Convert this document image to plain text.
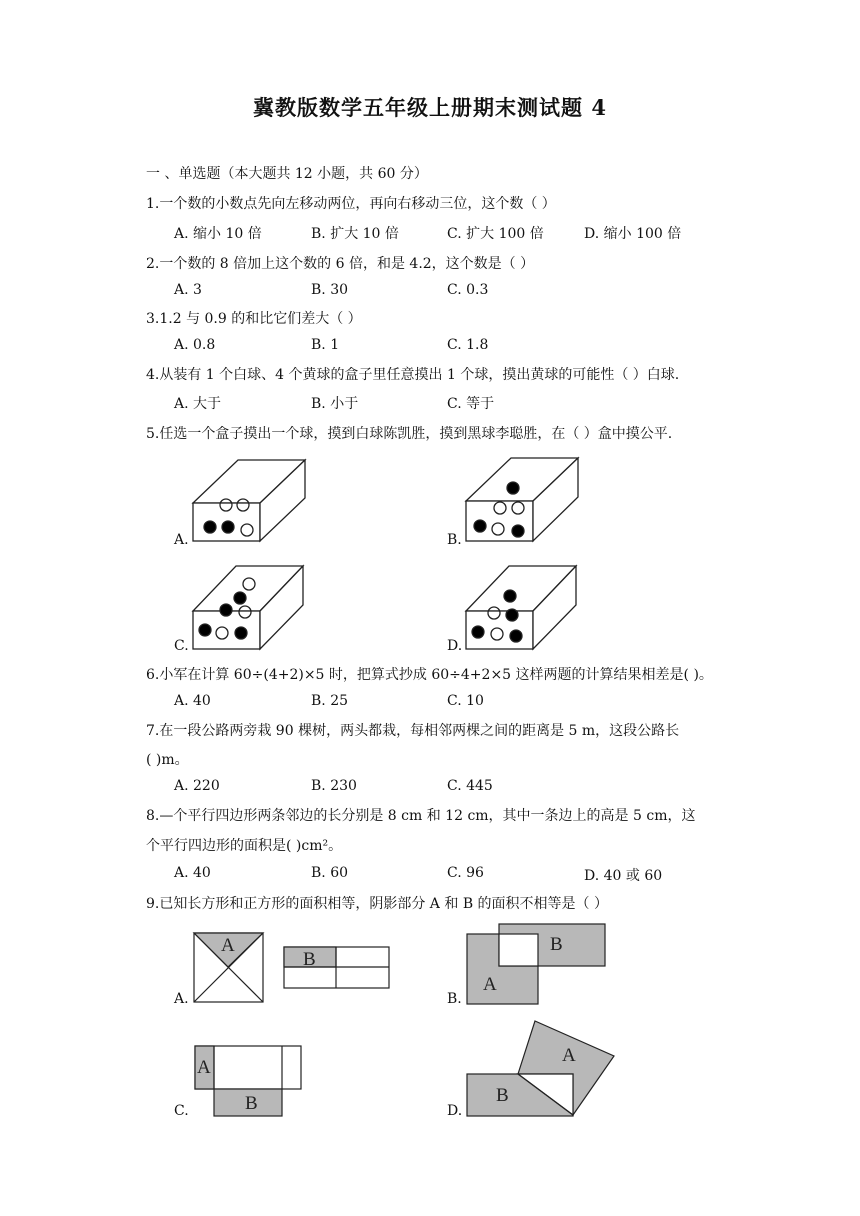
冀教版数学五年级上册期末测试题 4
一 、单选题（本大题共 12 小题，共 60 分）
1.一个数的小数点先向左移动两位，再向右移动三位，这个数（ ）
A. 缩小 10 倍	B. 扩大 10 倍	C. 扩大 100 倍	D. 缩小 100 倍
2.一个数的 8 倍加上这个数的 6 倍，和是 4.2，这个数是（ ）
A. 3	B. 30	C. 0.3
3.1.2 与 0.9 的和比它们差大（ ）
A. 0.8	B. 1	C. 1.8
4.从装有 1 个白球、4 个黄球的盒子里任意摸出 1 个球，摸出黄球的可能性（ ）白球.
A. 大于	B. 小于	C. 等于
5.任选一个盒子摸出一个球，摸到白球陈凯胜，摸到黑球李聪胜，在（ ）盒中摸公平.
A.	B.
C.	D.
6.小军在计算 60÷(4+2)×5 时，把算式抄成 60÷4+2×5 这样两题的计算结果相差是( )。
A. 40	B. 25	C. 10
7.在一段公路两旁栽 90 棵树，两头都栽，每相邻两棵之间的距离是 5 m，这段公路长
( )m。
A. 220	B. 230	C. 445
8.—个平行四边形两条邻边的长分别是 8 cm 和 12 cm，其中一条边上的高是 5 cm，这
个平行四边形的面积是( )cm²。
A. 40	B. 60	C. 96	D. 40 或 60
9.已知长方形和正方形的面积相等，阴影部分 A 和 B 的面积不相等是（ ）
A
B
B
A
A
B
A
B
A.	B.
C.	D.
